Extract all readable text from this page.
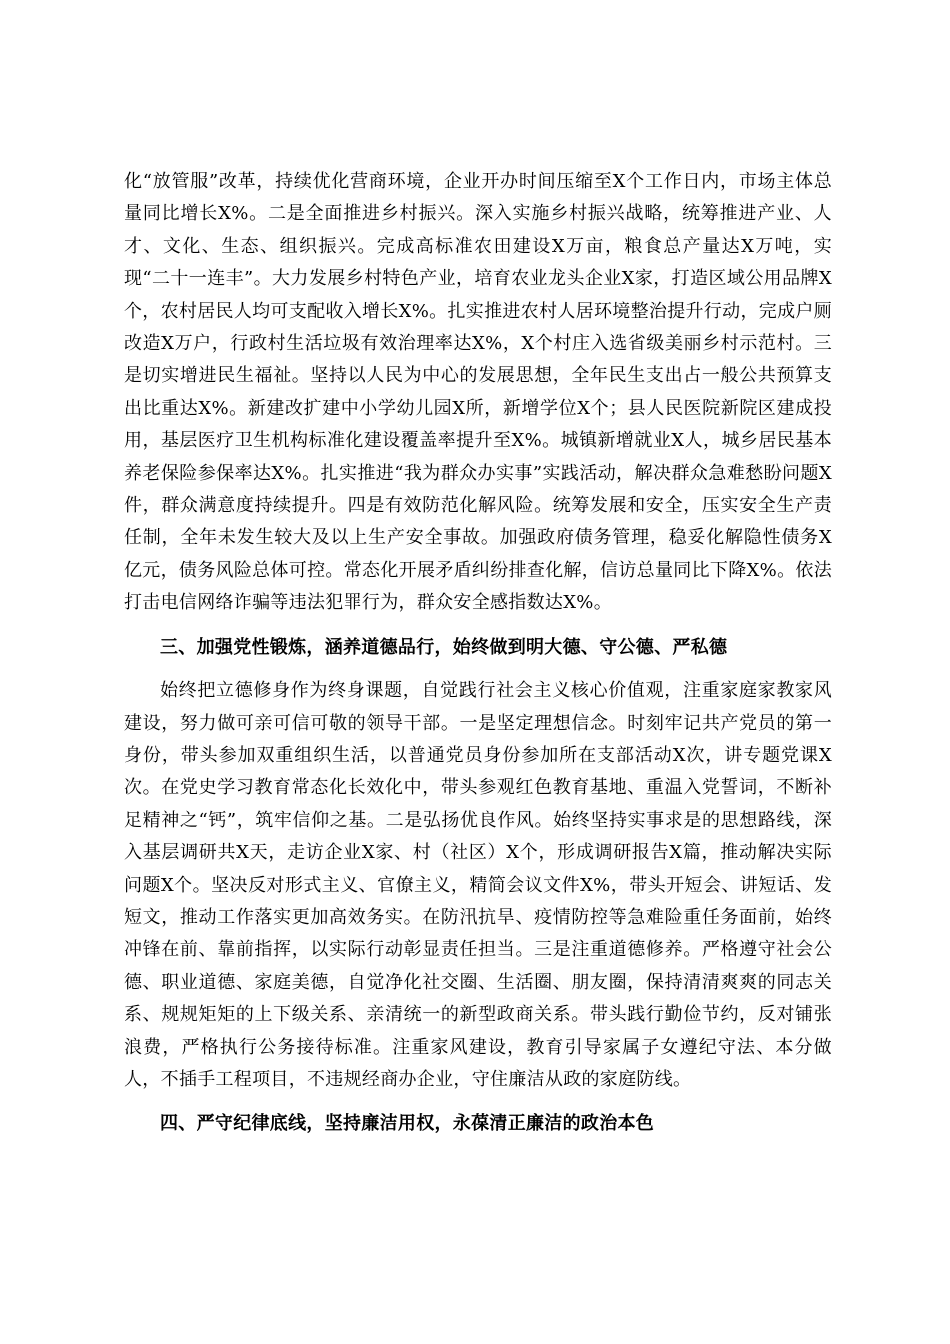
化“放管服”改革，持续优化营商环境，企业开办时间压缩至X个工作日内，市场主体总量同比增长X%。二是全面推进乡村振兴。深入实施乡村振兴战略，统筹推进产业、人才、文化、生态、组织振兴。完成高标准农田建设X万亩，粮食总产量达X万吨，实现“二十一连丰”。大力发展乡村特色产业，培育农业龙头企业X家，打造区域公用品牌X个，农村居民人均可支配收入增长X%。扎实推进农村人居环境整治提升行动，完成户厕改造X万户，行政村生活垃圾有效治理率达X%，X个村庄入选省级美丽乡村示范村。三是切实增进民生福祉。坚持以人民为中心的发展思想，全年民生支出占一般公共预算支出比重达X%。新建改扩建中小学幼儿园X所，新增学位X个；县人民医院新院区建成投用，基层医疗卫生机构标准化建设覆盖率提升至X%。城镇新增就业X人，城乡居民基本养老保险参保率达X%。扎实推进“我为群众办实事”实践活动，解决群众急难愁盼问题X件，群众满意度持续提升。四是有效防范化解风险。统筹发展和安全，压实安全生产责任制，全年未发生较大及以上生产安全事故。加强政府债务管理，稳妥化解隐性债务X亿元，债务风险总体可控。常态化开展矛盾纠纷排查化解，信访总量同比下降X%。依法打击电信网络诈骗等违法犯罪行为，群众安全感指数达X%。

三、加强党性锻炼，涵养道德品行，始终做到明大德、守公德、严私德

始终把立德修身作为终身课题，自觉践行社会主义核心价值观，注重家庭家教家风建设，努力做可亲可信可敬的领导干部。一是坚定理想信念。时刻牢记共产党员的第一身份，带头参加双重组织生活，以普通党员身份参加所在支部活动X次，讲专题党课X次。在党史学习教育常态化长效化中，带头参观红色教育基地、重温入党誓词，不断补足精神之“钙”，筑牢信仰之基。二是弘扬优良作风。始终坚持实事求是的思想路线，深入基层调研共X天，走访企业X家、村（社区）X个，形成调研报告X篇，推动解决实际问题X个。坚决反对形式主义、官僚主义，精简会议文件X%，带头开短会、讲短话、发短文，推动工作落实更加高效务实。在防汛抗旱、疫情防控等急难险重任务面前，始终冲锋在前、靠前指挥，以实际行动彰显责任担当。三是注重道德修养。严格遵守社会公德、职业道德、家庭美德，自觉净化社交圈、生活圈、朋友圈，保持清清爽爽的同志关系、规规矩矩的上下级关系、亲清统一的新型政商关系。带头践行勤俭节约，反对铺张浪费，严格执行公务接待标准。注重家风建设，教育引导家属子女遵纪守法、本分做人，不插手工程项目，不违规经商办企业，守住廉洁从政的家庭防线。

四、严守纪律底线，坚持廉洁用权，永葆清正廉洁的政治本色
